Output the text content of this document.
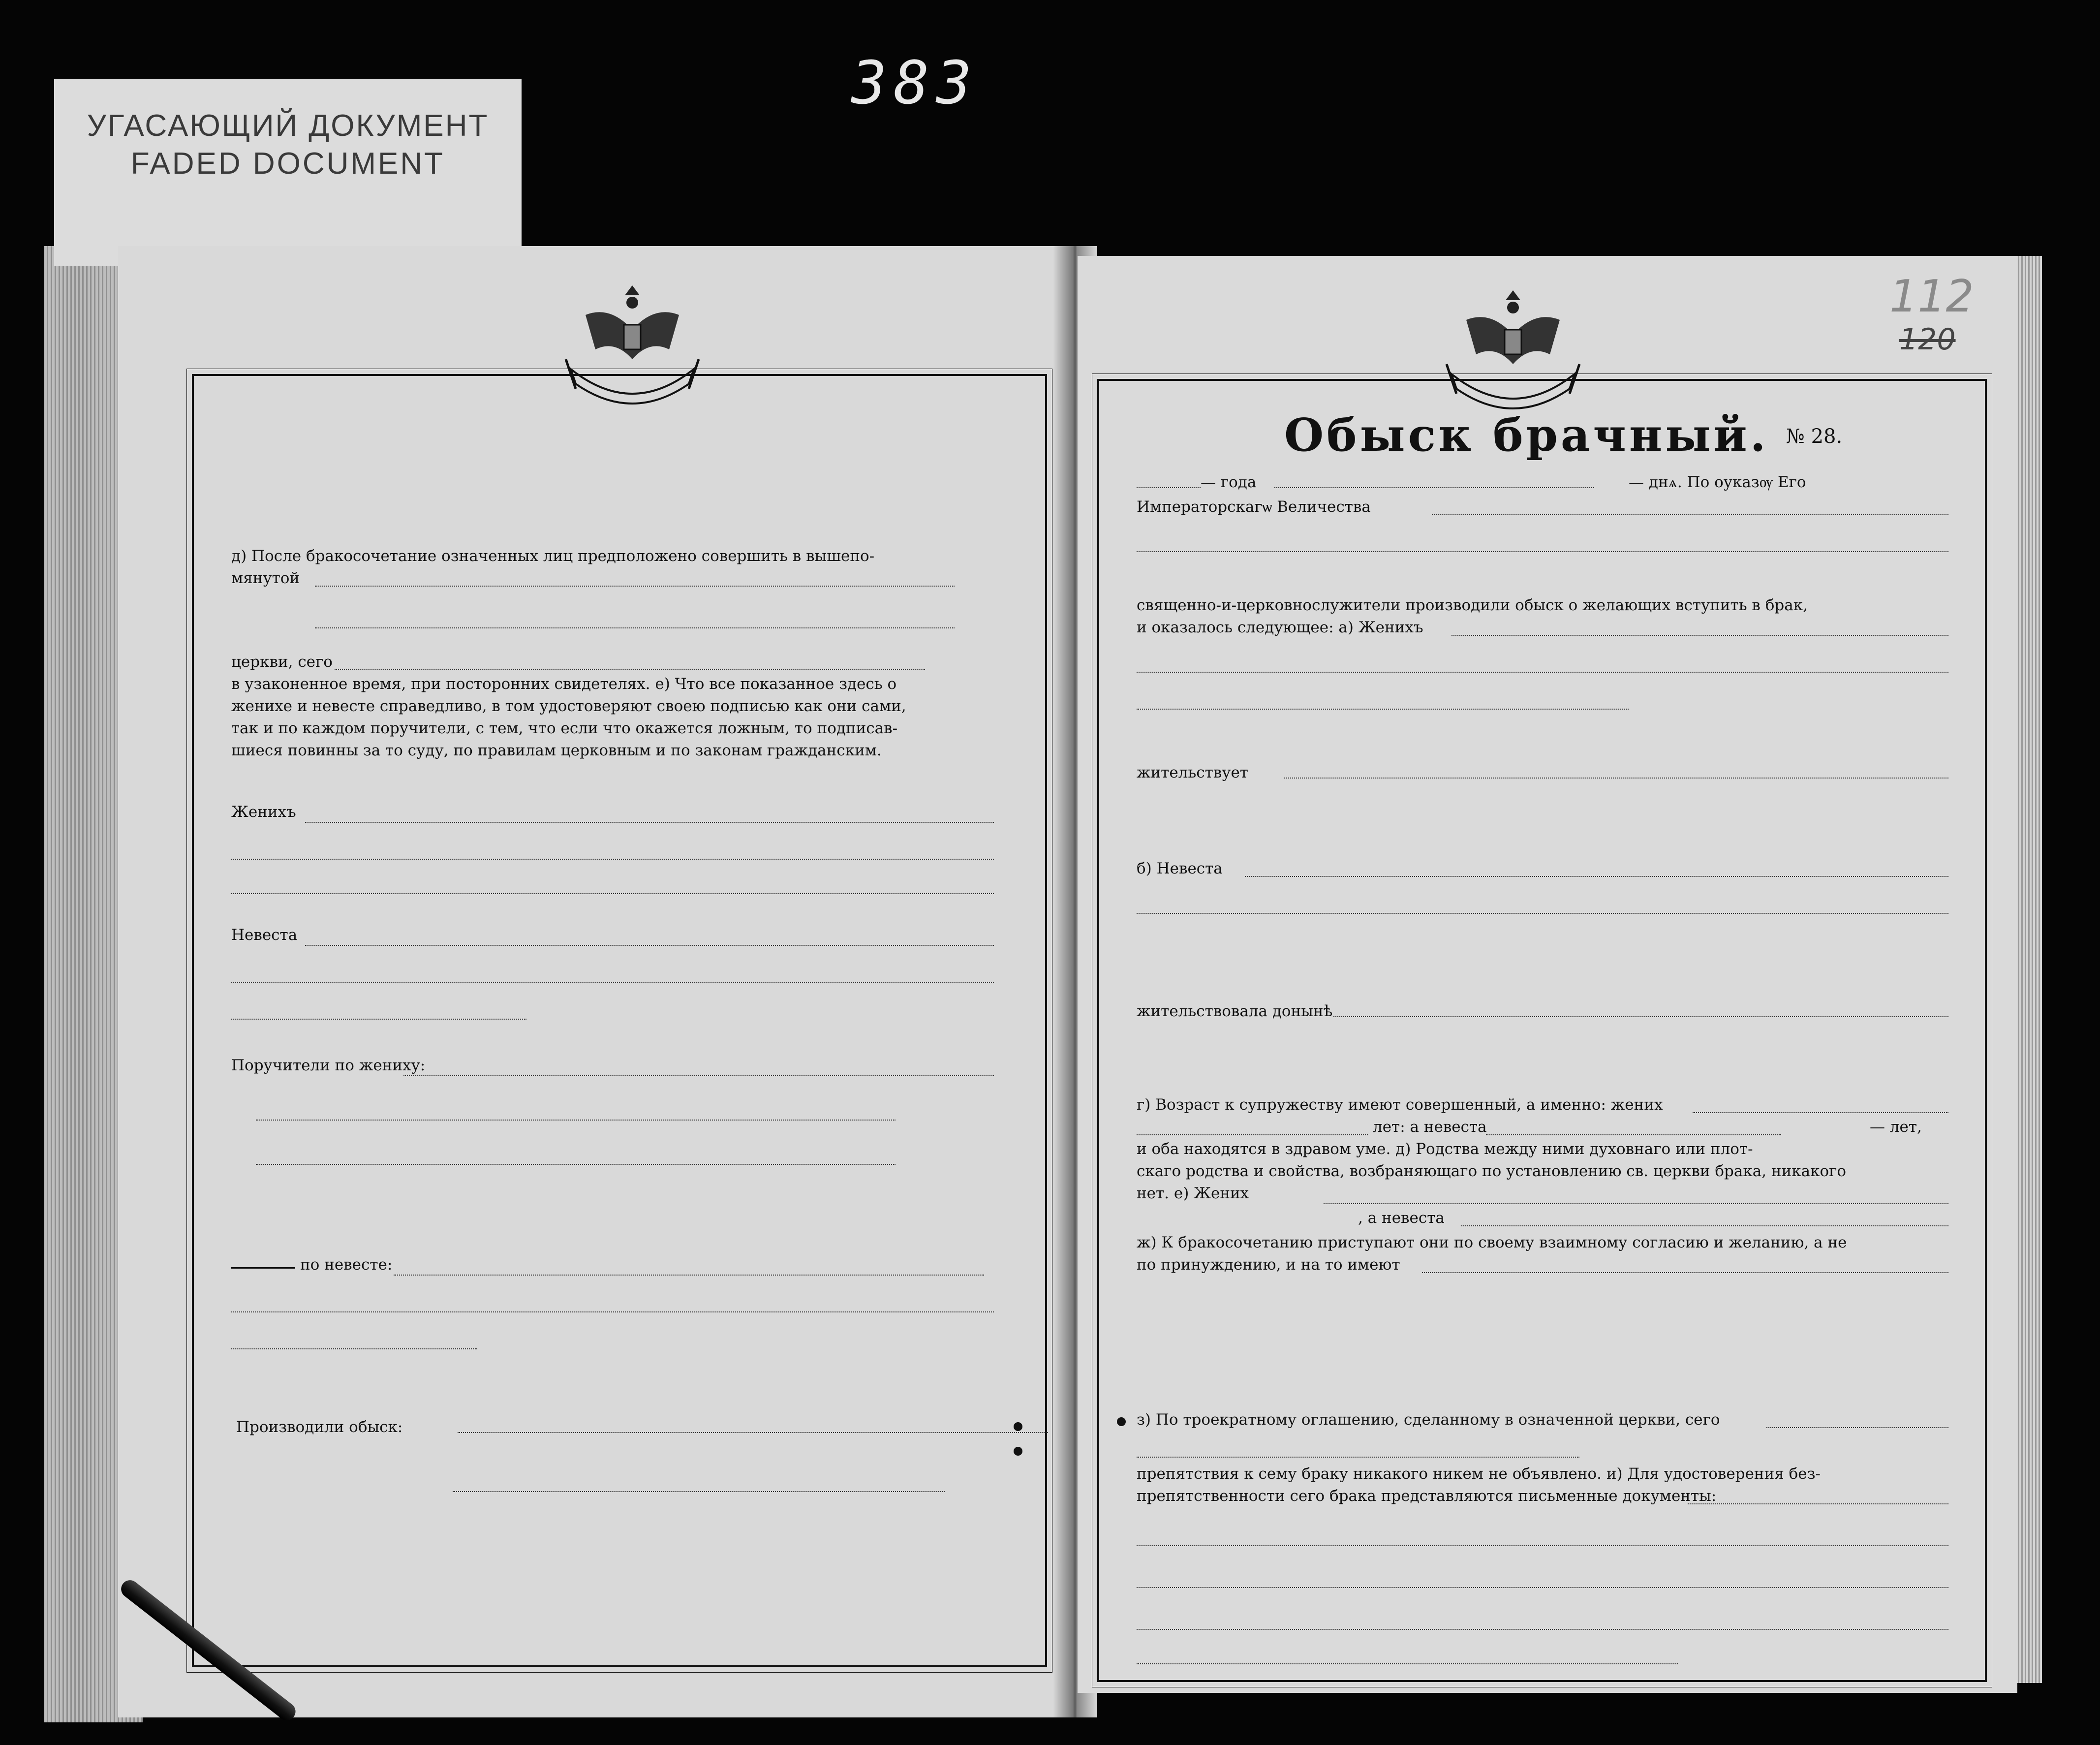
383
УГАСАЮЩИЙ ДОКУМЕНТ
FADED DOCUMENT
д) После бракосочетание означенных лиц предположено совершить в вышепо-
мянутой
церкви, сего
в узаконенное время, при посторонних свидетелях. е) Что все показанное здесь о
женихе и невесте справедливо, в том удостоверяют своею подписью как они сами,
так и по каждом поручители, с тем, что если что окажется ложным, то подписав-
шиеся повинны за то суду, по правилам церковным и по законам гражданским.
Женихъ
Невеста
Поручители по жениху:
по невесте:
Производили обыск:
112
120
Обыск брачный. № 28.
— года	— днѧ. По оуказѹ Его
Императорскагѡ Величества
священно-и-церковнослужители производили обыск о желающих вступить в брак,
и оказалось следующее: а) Женихъ
жительствует
б) Невеста
жительствовала донынѣ
г) Возраст к супружеству имеют совершенный, а именно: жених
лет: а невеста	— лет,
и оба находятся в здравом уме. д) Родства между ними духовнаго или плот-
скаго родства и свойства, возбраняющаго по установлению св. церкви брака, никакого
нет. е) Жених
, а невеста
ж) К бракосочетанию приступают они по своему взаимному согласию и желанию, а не
по принуждению, и на то имеют
з) По троекратному оглашению, сделанному в означенной церкви, сего
препятствия к сему браку никакого никем не объявлено. и) Для удостоверения без-
препятственности сего брака представляются письменные документы:
